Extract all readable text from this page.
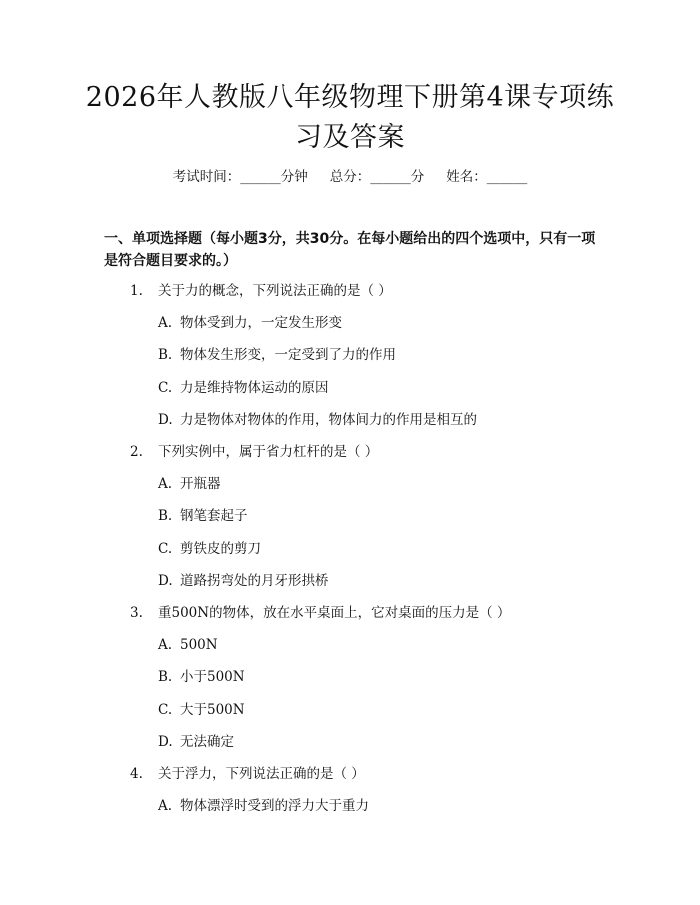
2026年人教版八年级物理下册第4课专项练
习及答案
考试时间：______分钟 总分：______分 姓名：______
一、单项选择题（每小题3分，共30分。在每小题给出的四个选项中，只有一项
是符合题目要求的。）
1. 关于力的概念，下列说法正确的是（ ）
A. 物体受到力，一定发生形变
B. 物体发生形变，一定受到了力的作用
C. 力是维持物体运动的原因
D. 力是物体对物体的作用，物体间力的作用是相互的
2. 下列实例中，属于省力杠杆的是（ ）
A. 开瓶器
B. 钢笔套起子
C. 剪铁皮的剪刀
D. 道路拐弯处的月牙形拱桥
3. 重500N的物体，放在水平桌面上，它对桌面的压力是（ ）
A. 500N
B. 小于500N
C. 大于500N
D. 无法确定
4. 关于浮力，下列说法正确的是（ ）
A. 物体漂浮时受到的浮力大于重力
